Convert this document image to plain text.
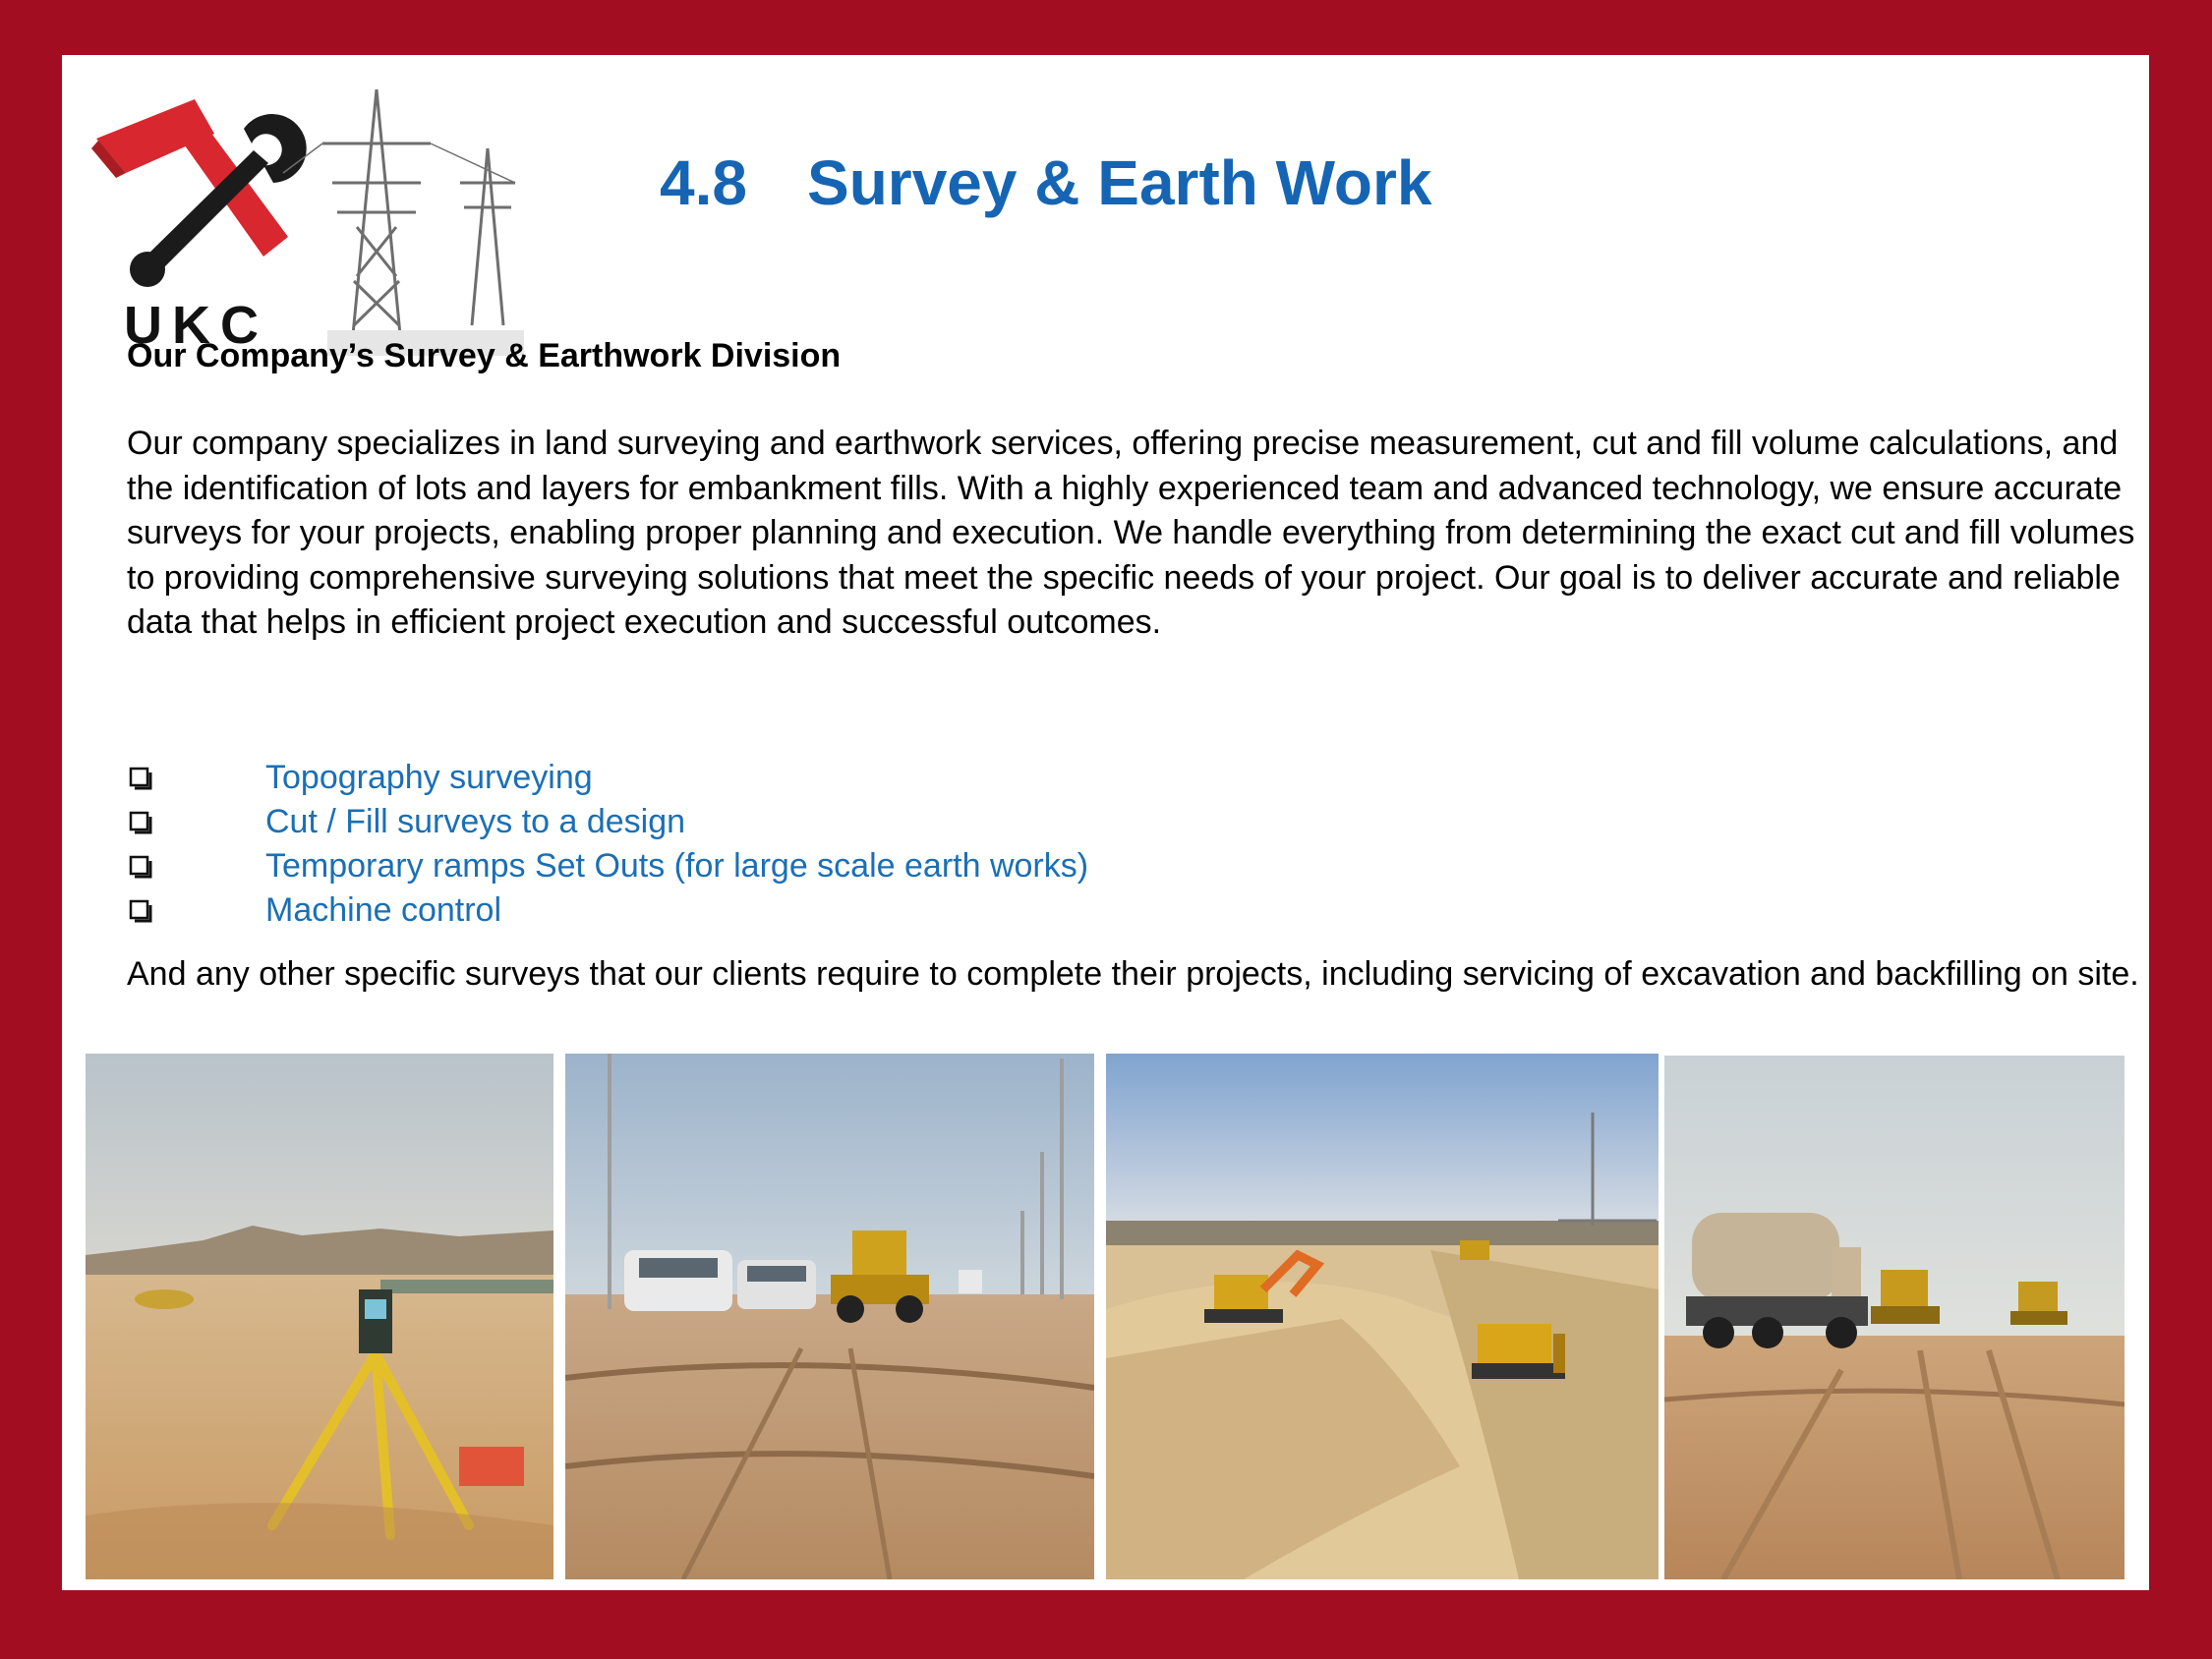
UKC
4.8 Survey & Earth Work
Our Company’s Survey & Earthwork Division
Our company specializes in land surveying and earthwork services, offering precise measurement, cut and fill volume calculations, and the identification of lots and layers for embankment fills. With a highly experienced team and advanced technology, we ensure accurate surveys for your projects, enabling proper planning and execution. We handle everything from determining the exact cut and fill volumes to providing comprehensive surveying solutions that meet the specific needs of your project. Our goal is to deliver accurate and reliable data that helps in efficient project execution and successful outcomes.
Topography surveying
Cut / Fill surveys to a design
Temporary ramps Set Outs (for large scale earth works)
Machine control
And any other specific surveys that our clients require to complete their projects, including servicing of excavation and backfilling on site.
